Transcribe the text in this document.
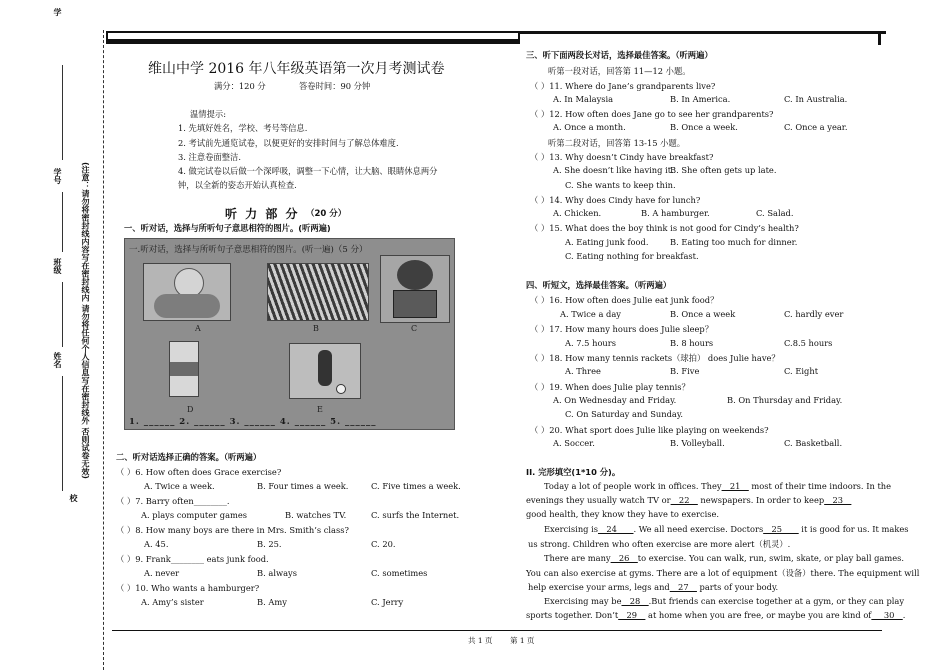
学
学号
班级
姓名
校
(注意：请勿将密封线内容写在密封线内 请勿将任何个人信息写在密封线外 否则试卷无效)
维山中学 2016 年八年级英语第一次月考测试卷
满分：120 分	答卷时间：90 分钟
温情提示:
1. 先填好姓名，学校、考号等信息.
2. 考试前先通览试卷，以便更好的安排时间与了解总体难度.
3. 注意卷面整洁.
4. 做完试卷以后做一个深呼吸，调整一下心情，让大脑、眼睛休息两分
钟，以全新的姿态开始认真检查.
听 力 部 分 （20 分）
一、听对话，选择与所听句子意思相符的图片。(听两遍)
一.听对话，选择与所听句子意思相符的图片。(听一遍)（5 分）
A	B	C
D	E
1. ______ 2. ______ 3. ______ 4. ______ 5. ______
二、听对话选择正确的答案。（听两遍）
（ ）6. How often does Grace exercise?
A. Twice a week.	B. Four times a week.	C. Five times a week.
（ ）7. Barry often________.
A. plays computer games	B. watches TV.	C. surfs the Internet.
（ ）8. How many boys are there in Mrs. Smith’s class?
A. 45.	B. 25.	C. 20.
（ ）9. Frank________ eats junk food.
A. never	B. always	C. sometimes
（ ）10. Who wants a hamburger?
A. Amy’s sister	B. Amy	C. Jerry
三、听下面两段长对话，选择最佳答案。（听两遍）
听第一段对话，回答第 11—12 小题。
（ ）11. Where do Jane’s grandparents live?
A. In Malaysia	B. In America.	C. In Australia.
（ ）12. How often does Jane go to see her grandparents?
A. Once a month.	B. Once a week.	C. Once a year.
听第二段对话，回答第 13-15 小题。
（ ）13. Why doesn’t Cindy have breakfast?
A. She doesn’t like having it.
B. She often gets up late.
C. She wants to keep thin.
（ ）14. Why does Cindy have for lunch?
A. Chicken.	B. A hamburger.	C. Salad.
（ ）15. What does the boy think is not good for Cindy’s health?
A. Eating junk food.	B. Eating too much for dinner.
C. Eating nothing for breakfast.
四、听短文，选择最佳答案。（听两遍）
（ ）16. How often does Julie eat junk food？
A. Twice a day	B. Once a week	C. hardly ever
（ ）17. How many hours does Julie sleep？
A. 7.5 hours	B. 8 hours	C.8.5 hours
（ ）18. How many tennis rackets（球拍） does Julie have？
A. Three	B. Five	C. Eight
（ ）19. When does Julie play tennis？
A. On Wednesday and Friday.	B. On Thursday and Friday.
C. On Saturday and Sunday.
（ ）20. What sport does Julie like playing on weekends?
A. Soccer.	B. Volleyball.	C. Basketball.
II. 完形填空(1*10 分)。
Today a lot of people work in offices. They__21__ most of their time indoors. In the
evenings they usually watch TV or__22__ newspapers. In order to keep__23__
good health, they know they have to exercise.
Exercising is__24____. We all need exercise. Doctors__25____ it is good for us. It makes
us strong. Children who often exercise are more alert（机灵）.
There are many__26__to exercise. You can walk, run, swim, skate, or play ball games.
You can also exercise at gyms. There are a lot of equipment（设备）there. The equipment will
help exercise your arms, legs and__27__ parts of your body.
Exercising may be__28__.But friends can exercise together at a gym, or they can play
sports together. Don’t__29__ at home when you are free, or maybe you are kind of___30__.
共 1 页 第 1 页
